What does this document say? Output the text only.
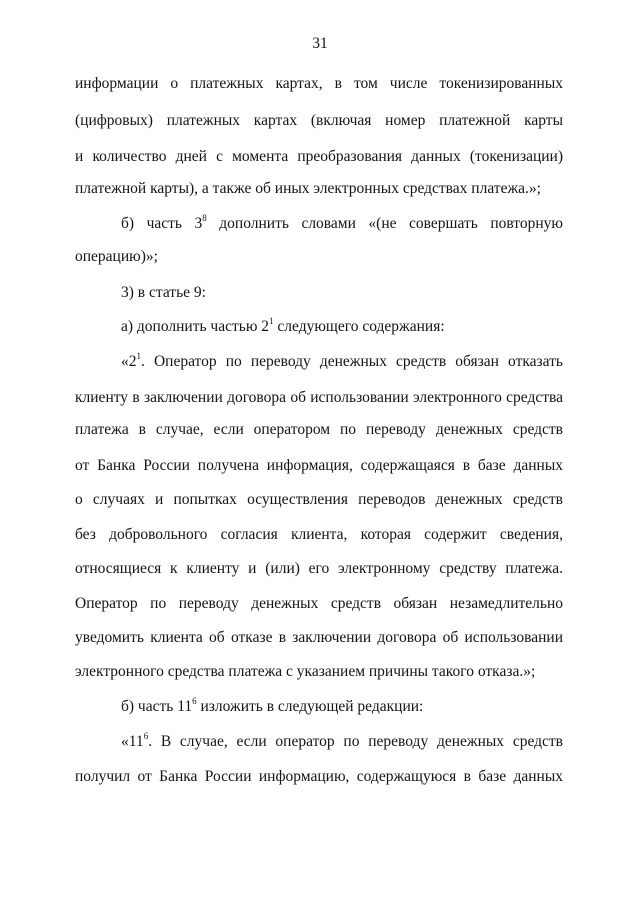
31
информации о платежных картах, в том числе токенизированных
(цифровых) платежных картах (включая номер платежной карты
и количество дней с момента преобразования данных (токенизации)
платежной карты), а также об иных электронных средствах платежа.»;
б) часть $3^8$ дополнить словами «(не совершать повторную
операцию)»;
3) в статье 9:
а) дополнить частью $2^1$ следующего содержания:
«$2^1$. Оператор по переводу денежных средств обязан отказать
клиенту в заключении договора об использовании электронного средства
платежа в случае, если оператором по переводу денежных средств
от Банка России получена информация, содержащаяся в базе данных
о случаях и попытках осуществления переводов денежных средств
без добровольного согласия клиента, которая содержит сведения,
относящиеся к клиенту и (или) его электронному средству платежа.
Оператор по переводу денежных средств обязан незамедлительно
уведомить клиента об отказе в заключении договора об использовании
электронного средства платежа с указанием причины такого отказа.»;
б) часть $11^6$ изложить в следующей редакции:
«$11^6$. В случае, если оператор по переводу денежных средств
получил от Банка России информацию, содержащуюся в базе данных
